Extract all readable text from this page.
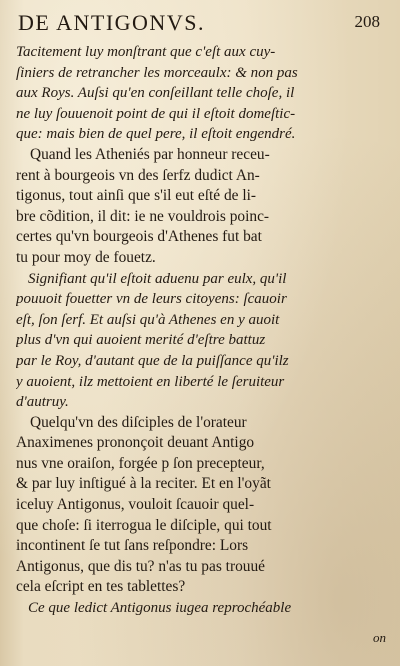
DE ANTIGONVS.	208
Tacitement luy monſtrant que c'eſt aux cuy-
ſiniers de retrancher les morceaulx: & non pas
aux Roys. Auſsi qu'en conſeillant telle choſe, il
ne luy ſouuenoit point de qui il eſtoit domeſtic-
que: mais bien de quel pere, il eſtoit engendré.
Quand les Atheniés par honneur receu-
rent à bourgeois vn des ſerfz dudict An-
tigonus, tout ainſi que s'il eut eſté de li-
bre cõdition, il dit: ie ne vouldrois poinc-
certes qu'vn bourgeois d'Athenes fut bat
tu pour moy de fouetz.
Signifiant qu'il eſtoit aduenu par eulx, qu'il
pouuoit fouetter vn de leurs citoyens: ſcauoir
eſt, ſon ſerf. Et auſsi qu'à Athenes en y auoit
plus d'vn qui auoient merité d'eſtre battuz
par le Roy, d'autant que de la puiſſance qu'ilz
y auoient, ilz mettoient en liberté le ſeruiteur
d'autruy.
Quelqu'vn des diſciples de l'orateur
Anaximenes prononçoit deuant Antigo
nus vne oraiſon, forgée p ſon precepteur,
& par luy inſtigué à la reciter. Et en l'oyãt
iceluy Antigonus, vouloit ſcauoir quel-
que choſe: ſi iterrogua le diſciple, qui tout
incontinent ſe tut ſans reſpondre: Lors
Antigonus, que dis tu? n'as tu pas trouué
cela eſcript en tes tablettes?
Ce que ledict Antigonus iugea reprochéable
on
